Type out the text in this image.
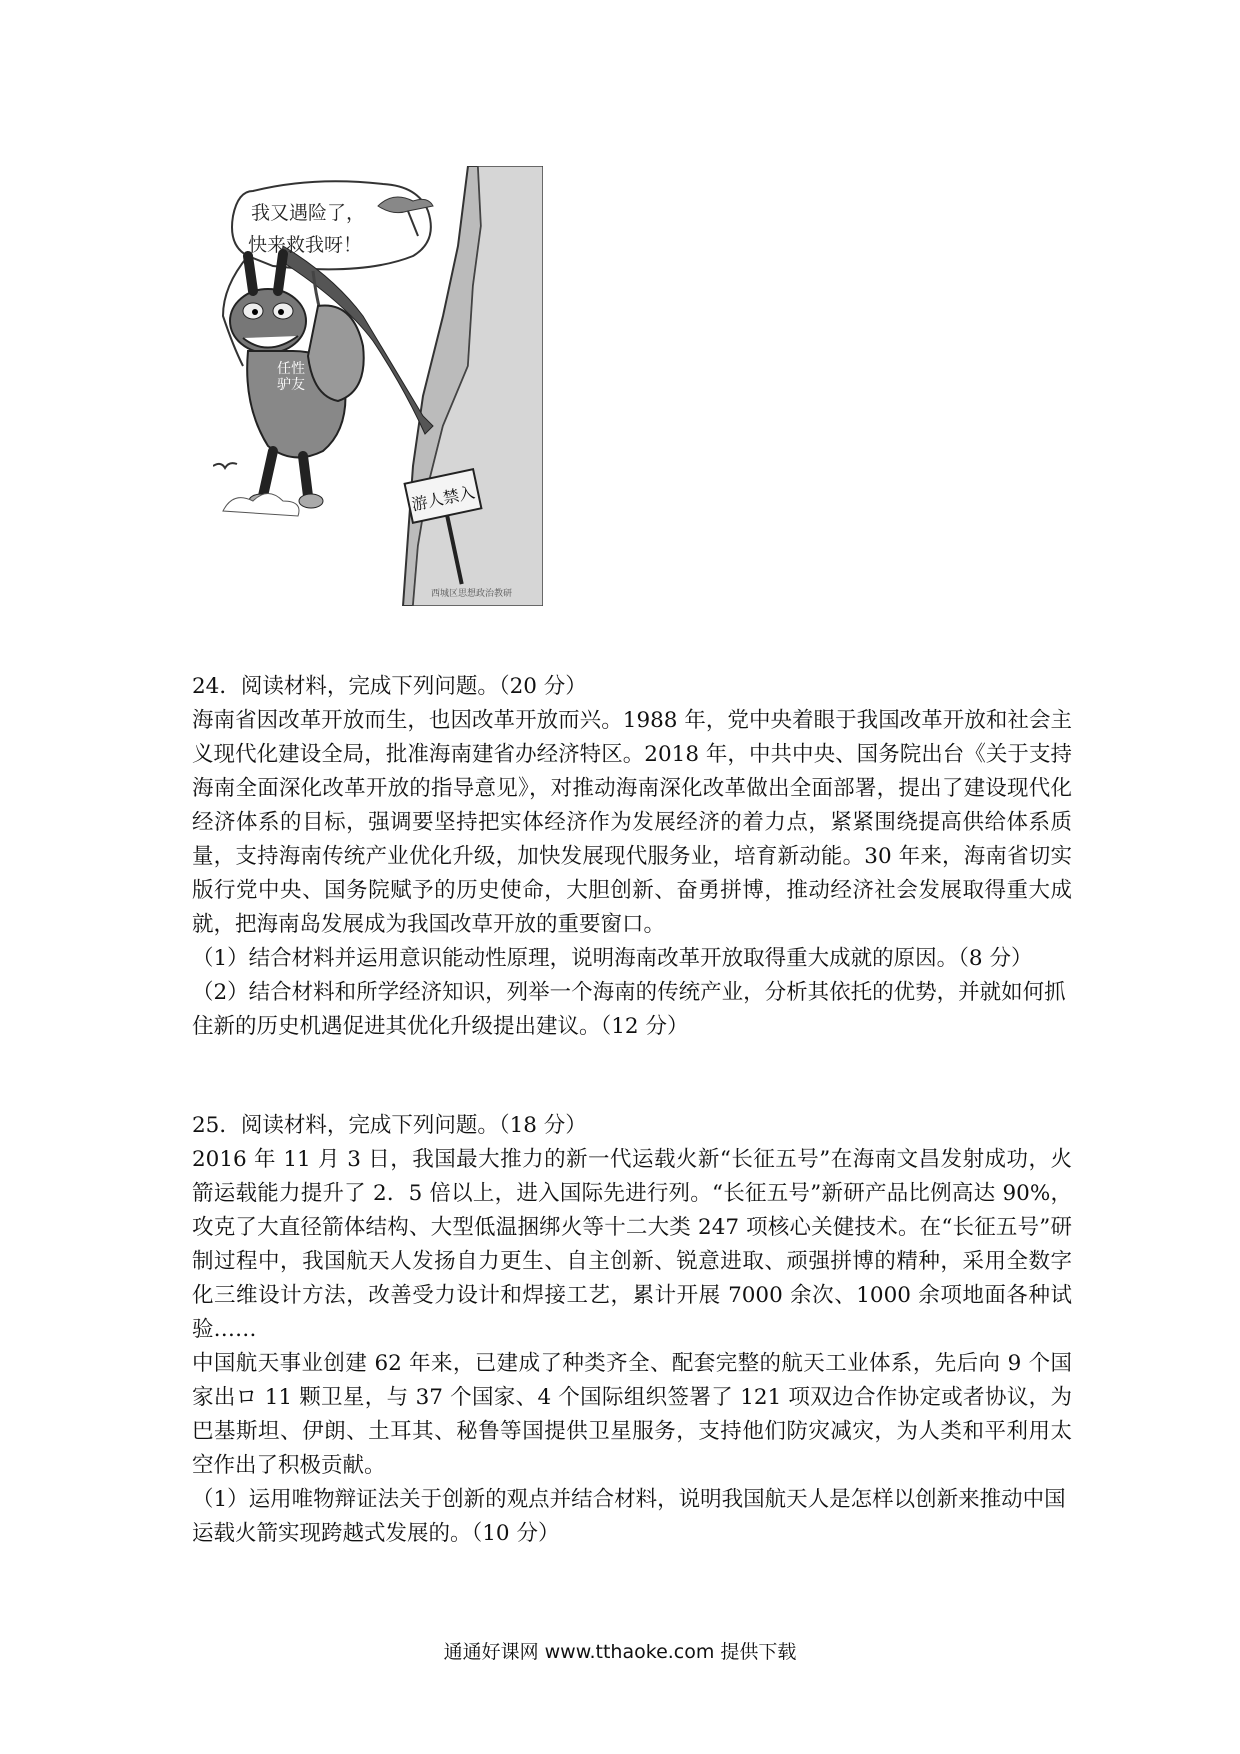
我又遇险了，
快来救我呀！
任性驴友
游人禁入
西城区思想政治教研

24．阅读材料，完成下列问题。（20 分）

海南省因改革开放而生，也因改革开放而兴。1988 年，党中央着眼于我国改革开放和社会主义现代化建设全局，批准海南建省办经济特区。2018 年，中共中央、国务院出台《关于支持海南全面深化改革开放的指导意见》，对推动海南深化改革做出全面部署，提出了建设现代化经济体系的目标，强调要坚持把实体经济作为发展经济的着力点，紧紧围绕提高供给体系质量，支持海南传统产业优化升级，加快发展现代服务业，培育新动能。30 年来，海南省切实版行党中央、国务院赋予的历史使命，大胆创新、奋勇拼博，推动经济社会发展取得重大成就，把海南岛发展成为我国改草开放的重要窗口。

（1）结合材料并运用意识能动性原理，说明海南改革开放取得重大成就的原因。（8 分）

（2）结合材料和所学经济知识，列举一个海南的传统产业，分析其依托的优势，并就如何抓住新的历史机遇促进其优化升级提出建议。（12 分）

25．阅读材料，完成下列问题。（18 分）

2016 年 11 月 3 日，我国最大推力的新一代运载火新“长征五号”在海南文昌发射成功，火箭运载能力提升了 2．5 倍以上，进入国际先进行列。“长征五号”新研产品比例高达 90%，攻克了大直径箭体结构、大型低温捆绑火等十二大类 247 项核心关健技术。在“长征五号”研制过程中，我国航天人发扬自力更生、自主创新、锐意进取、顽强拼博的精种，采用全数字化三维设计方法，改善受力设计和焊接工艺，累计开展 7000 余次、1000 余项地面各种试验……

中国航天事业创建 62 年来，已建成了种类齐全、配套完整的航天工业体系，先后向 9 个国家出ロ 11 颗卫星，与 37 个国家、4 个国际组织签署了 121 项双边合作协定或者协议，为巴基斯坦、伊朗、土耳其、秘鲁等国提供卫星服务，支持他们防灾减灾，为人类和平利用太空作出了积极贡献。

（1）运用唯物辩证法关于创新的观点并结合材料，说明我国航天人是怎样以创新来推动中国运载火箭实现跨越式发展的。（10 分）

通通好课网 www.tthaoke.com 提供下载
